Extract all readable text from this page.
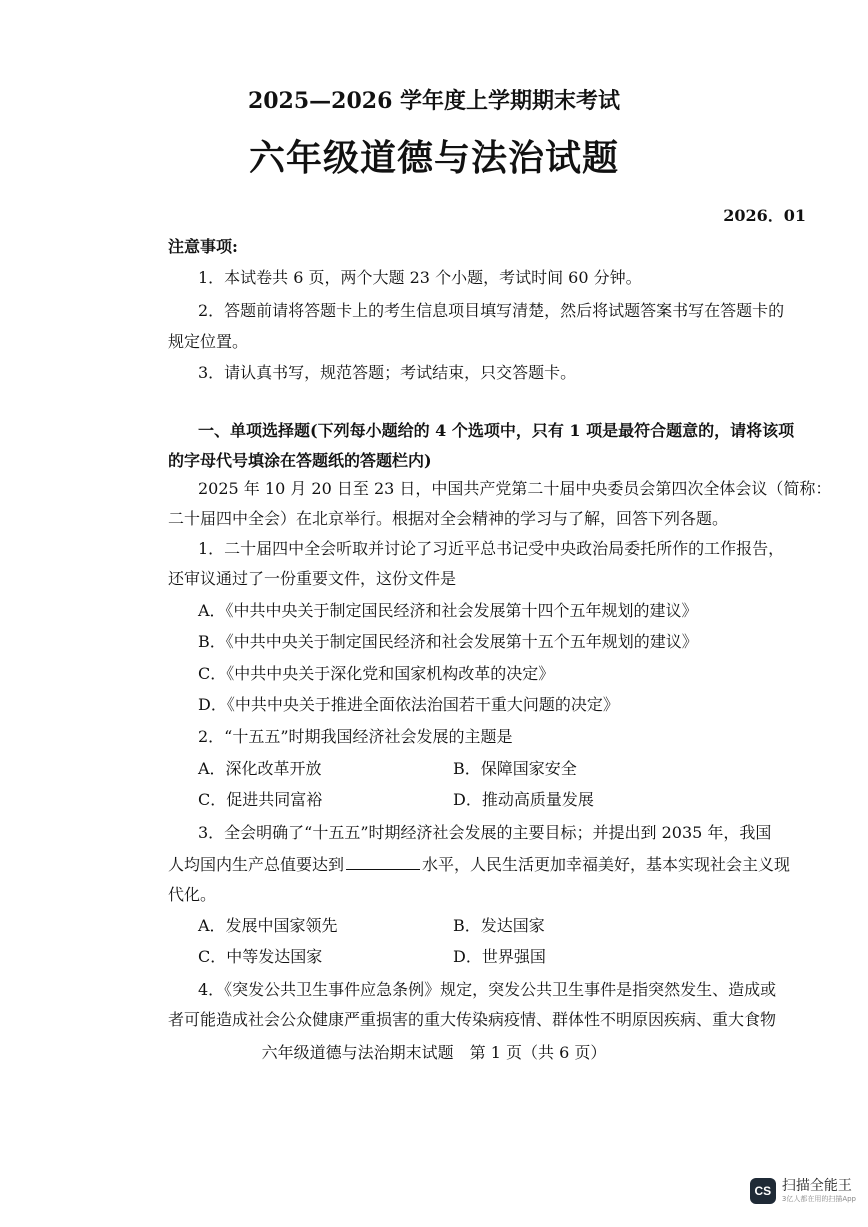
2025—2026 学年度上学期期末考试
六年级道德与法治试题
2026．01
注意事项:
1．本试卷共 6 页，两个大题 23 个小题，考试时间 60 分钟。
2．答题前请将答题卡上的考生信息项目填写清楚，然后将试题答案书写在答题卡的
规定位置。
3．请认真书写，规范答题；考试结束，只交答题卡。
一、单项选择题(下列每小题给的 4 个选项中，只有 1 项是最符合题意的，请将该项
的字母代号填涂在答题纸的答题栏内)
2025 年 10 月 20 日至 23 日，中国共产党第二十届中央委员会第四次全体会议（简称：
二十届四中全会）在北京举行。根据对全会精神的学习与了解，回答下列各题。
1．二十届四中全会听取并讨论了习近平总书记受中央政治局委托所作的工作报告，
还审议通过了一份重要文件，这份文件是
A．《中共中央关于制定国民经济和社会发展第十四个五年规划的建议》
B．《中共中央关于制定国民经济和社会发展第十五个五年规划的建议》
C．《中共中央关于深化党和国家机构改革的决定》
D．《中共中央关于推进全面依法治国若干重大问题的决定》
2．“十五五”时期我国经济社会发展的主题是
A．深化改革开放	B．保障国家安全
C．促进共同富裕	D．推动高质量发展
3．全会明确了“十五五”时期经济社会发展的主要目标；并提出到 2035 年，我国
人均国内生产总值要达到	水平，人民生活更加幸福美好，基本实现社会主义现
代化。
A．发展中国家领先	B．发达国家
C．中等发达国家	D．世界强国
4．《突发公共卫生事件应急条例》规定，突发公共卫生事件是指突然发生、造成或
者可能造成社会公众健康严重损害的重大传染病疫情、群体性不明原因疾病、重大食物
六年级道德与法治期末试题　第 1 页（共 6 页）
CS 扫描全能王
3亿人都在用的扫描App
